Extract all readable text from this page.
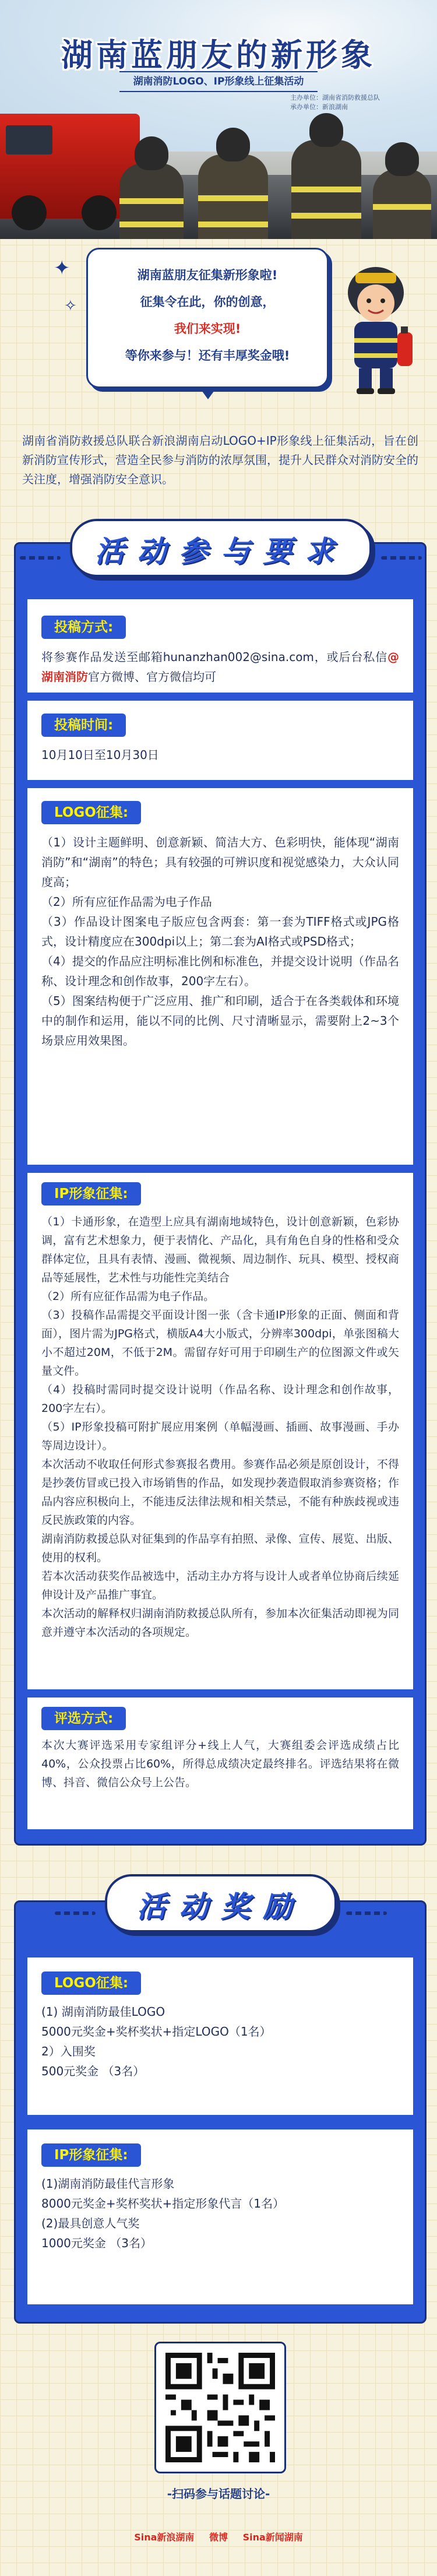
湖南蓝朋友的新形象
湖南消防LOGO、IP形象线上征集活动
主办单位：湖南省消防救援总队
承办单位：新浪湖南
✦
✧
湖南蓝朋友征集新形象啦!
征集令在此，你的创意，
我们来实现!
等你来参与！还有丰厚奖金哦!
湖南省消防救援总队联合新浪湖南启动LOGO+IP形象线上征集活动，旨在创新消防宣传形式，营造全民参与消防的浓厚氛围，提升人民群众对消防安全的关注度，增强消防安全意识。
投稿方式:
将参赛作品发送至邮箱hunanzhan002@sina.com，或后台私信@湖南消防官方微博、官方微信均可
投稿时间:
10月10日至10月30日
LOGO征集:
（1）设计主题鲜明、创意新颖、简洁大方、色彩明快，能体现“湖南消防”和“湖南”的特色；具有较强的可辨识度和视觉感染力，大众认同度高；
（2）所有应征作品需为电子作品
（3）作品设计图案电子版应包含两套：第一套为TIFF格式或JPG格式，设计精度应在300dpi以上；第二套为AI格式或PSD格式；
（4）提交的作品应注明标准比例和标准色，并提交设计说明（作品名称、设计理念和创作故事，200字左右）。
（5）图案结构便于广泛应用、推广和印刷，适合于在各类载体和环境中的制作和运用，能以不同的比例、尺寸清晰显示，需要附上2~3个场景应用效果图。
IP形象征集:
（1）卡通形象，在造型上应具有湖南地域特色，设计创意新颖，色彩协调，富有艺术想象力，便于表情化、产品化，具有角色自身的性格和受众群体定位，且具有表情、漫画、微视频、周边制作、玩具、模型、授权商品等延展性，艺术性与功能性完美结合
（2）所有应征作品需为电子作品。
（3）投稿作品需提交平面设计图一张（含卡通IP形象的正面、侧面和背面），图片需为JPG格式，横版A4大小版式，分辨率300dpi，单张图稿大小不超过20M，不低于2M。需留存好可用于印刷生产的位图源文件或矢量文件。
（4）投稿时需同时提交设计说明（作品名称、设计理念和创作故事，200字左右）。
（5）IP形象投稿可附扩展应用案例（单幅漫画、插画、故事漫画、手办等周边设计）。
本次活动不收取任何形式参赛报名费用。参赛作品必须是原创设计，不得是抄袭仿冒或已投入市场销售的作品，如发现抄袭造假取消参赛资格；作品内容应积极向上，不能违反法律法规和相关禁忌，不能有种族歧视或违反民族政策的内容。
湖南消防救援总队对征集到的作品享有拍照、录像、宣传、展览、出版、使用的权利。
若本次活动获奖作品被选中，活动主办方将与设计人或者单位协商后续延伸设计及产品推广事宜。
本次活动的解释权归湖南消防救援总队所有，参加本次征集活动即视为同意并遵守本次活动的各项规定。
评选方式:
本次大赛评选采用专家组评分+线上人气，大赛组委会评选成绩占比40%，公众投票占比60%，所得总成绩决定最终排名。评选结果将在微博、抖音、微信公众号上公告。
活动参与要求
LOGO征集:
(1) 湖南消防最佳LOGO
5000元奖金+奖杯奖状+指定LOGO（1名）
2）入围奖
500元奖金 （3名）
IP形象征集:
(1)湖南消防最佳代言形象
8000元奖金+奖杯奖状+指定形象代言（1名）
(2)最具创意人气奖
1000元奖金 （3名）
活动奖励
-扫码参与话题讨论-
Sina新浪湖南 微博 Sina新闻湖南
